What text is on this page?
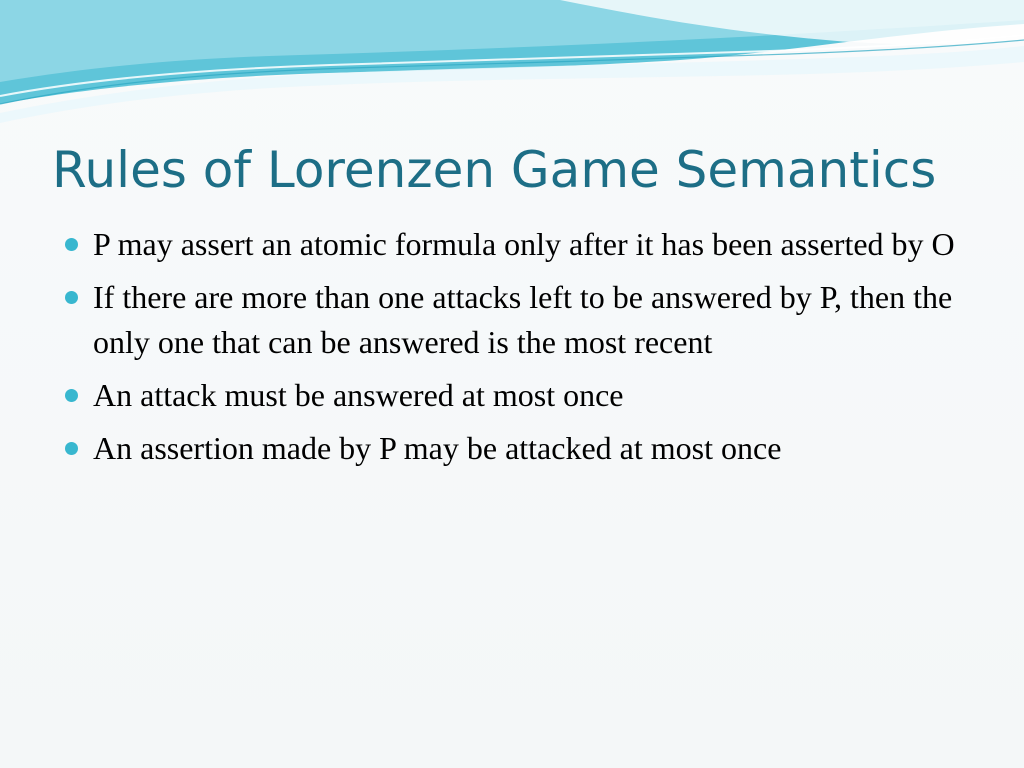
Rules of Lorenzen Game Semantics
P may assert an atomic formula only after it has been asserted by O
If there are more than one attacks left to be answered by P, then the only one that can be answered is the most recent
An attack must be answered at most once
An assertion made by P may be attacked at most once
